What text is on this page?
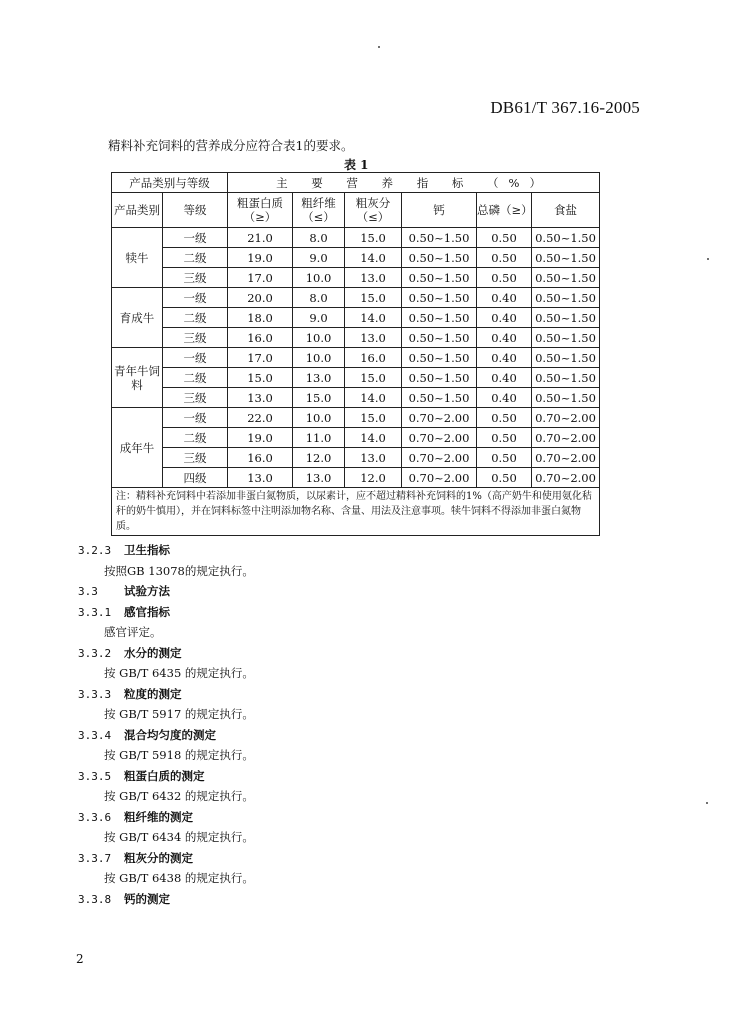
DB61/T 367.16-2005
精料补充饲料的营养成分应符合表1的要求。
表 1
产品类别与等级		主 要 营 养 指 标 （%）					
产品类别	等级	粗蛋白质（≥）	粗纤维（≤）	粗灰分（≤）	钙	总磷（≥）	食盐
犊牛	一级	21.0	8.0	15.0	0.50~1.50	0.50	0.50~1.50
	二级	19.0	9.0	14.0	0.50~1.50	0.50	0.50~1.50
	三级	17.0	10.0	13.0	0.50~1.50	0.50	0.50~1.50
育成牛	一级	20.0	8.0	15.0	0.50~1.50	0.40	0.50~1.50
	二级	18.0	9.0	14.0	0.50~1.50	0.40	0.50~1.50
	三级	16.0	10.0	13.0	0.50~1.50	0.40	0.50~1.50
青年牛饲料	一级	17.0	10.0	16.0	0.50~1.50	0.40	0.50~1.50
	二级	15.0	13.0	15.0	0.50~1.50	0.40	0.50~1.50
	三级	13.0	15.0	14.0	0.50~1.50	0.40	0.50~1.50
成年牛	一级	22.0	10.0	15.0	0.70~2.00	0.50	0.70~2.00
	二级	19.0	11.0	14.0	0.70~2.00	0.50	0.70~2.00
	三级	16.0	12.0	13.0	0.70~2.00	0.50	0.70~2.00
	四级	13.0	13.0	12.0	0.70~2.00	0.50	0.70~2.00
注：精料补充饲料中若添加非蛋白氮物质，以尿素计，应不超过精料补充饲料的1%（高产奶牛和使用氨化秸秆的奶牛慎用），并在饲料标签中注明添加物名称、含量、用法及注意事项。犊牛饲料不得添加非蛋白氮物质。							
3.2.3 卫生指标
按照GB 13078的规定执行。
3.3 试验方法
3.3.1 感官指标
感官评定。
3.3.2 水分的测定
按 GB/T 6435 的规定执行。
3.3.3 粒度的测定
按 GB/T 5917 的规定执行。
3.3.4 混合均匀度的测定
按 GB/T 5918 的规定执行。
3.3.5 粗蛋白质的测定
按 GB/T 6432 的规定执行。
3.3.6 粗纤维的测定
按 GB/T 6434 的规定执行。
3.3.7 粗灰分的测定
按 GB/T 6438 的规定执行。
3.3.8 钙的测定
2
